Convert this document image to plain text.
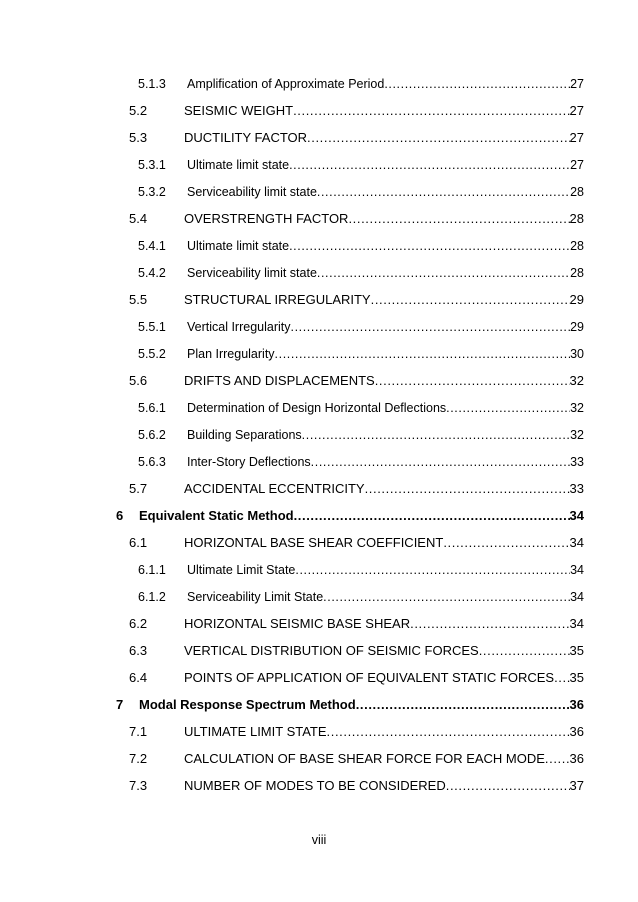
5.1.3 Amplification of Approximate Period .....	27
5.2	SEISMIC WEIGHT .....	27
5.3	DUCTILITY FACTOR .....	27
5.3.1 Ultimate limit state .....	27
5.3.2 Serviceability limit state .....	28
5.4	OVERSTRENGTH FACTOR .....	28
5.4.1 Ultimate limit state .....	28
5.4.2 Serviceability limit state .....	28
5.5	STRUCTURAL IRREGULARITY .....	29
5.5.1 Vertical Irregularity .....	29
5.5.2 Plan Irregularity .....	30
5.6	DRIFTS AND DISPLACEMENTS .....	32
5.6.1 Determination of Design Horizontal Deflections .....	32
5.6.2 Building Separations .....	32
5.6.3 Inter-Story Deflections .....	33
5.7	ACCIDENTAL ECCENTRICITY .....	33
6 Equivalent Static Method .....	34
6.1	HORIZONTAL BASE SHEAR COEFFICIENT .....	34
6.1.1 Ultimate Limit State .....	34
6.1.2 Serviceability Limit State .....	34
6.2	HORIZONTAL SEISMIC BASE SHEAR .....	34
6.3	VERTICAL DISTRIBUTION OF SEISMIC FORCES .....	35
6.4	POINTS OF APPLICATION OF EQUIVALENT STATIC FORCES ..... 35
7 Modal Response Spectrum Method .....	36
7.1	ULTIMATE LIMIT STATE .....	36
7.2	CALCULATION OF BASE SHEAR FORCE FOR EACH MODE ..... 36
7.3	NUMBER OF MODES TO BE CONSIDERED .....	37
viii
